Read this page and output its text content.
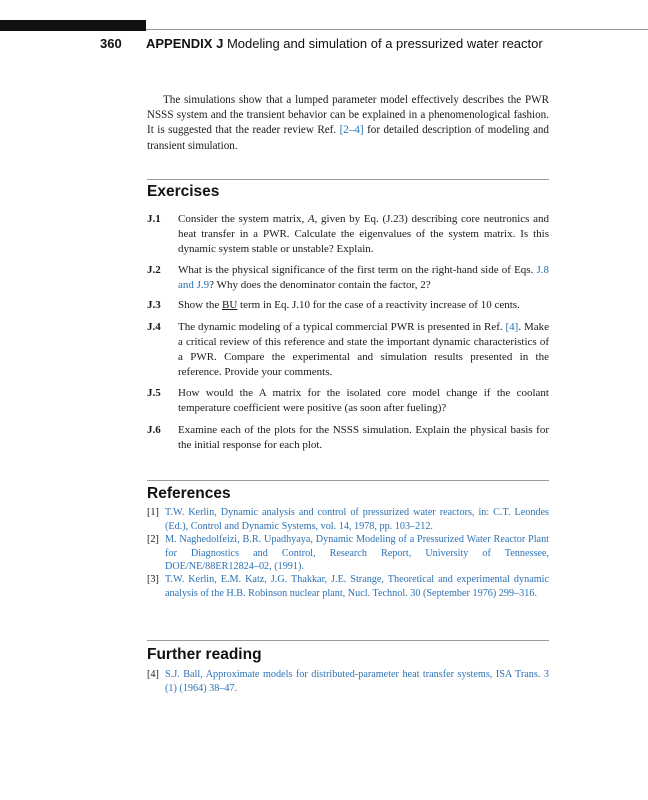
360 APPENDIX J Modeling and simulation of a pressurized water reactor
The simulations show that a lumped parameter model effectively describes the PWR NSSS system and the transient behavior can be explained in a phenomenological fashion. It is suggested that the reader review Ref. [2–4] for detailed description of modeling and transient simulation.
Exercises
J.1 Consider the system matrix, A, given by Eq. (J.23) describing core neutronics and heat transfer in a PWR. Calculate the eigenvalues of the system matrix. Is this dynamic system stable or unstable? Explain.
J.2 What is the physical significance of the first term on the right-hand side of Eqs. J.8 and J.9? Why does the denominator contain the factor, 2?
J.3 Show the BU term in Eq. J.10 for the case of a reactivity increase of 10 cents.
J.4 The dynamic modeling of a typical commercial PWR is presented in Ref. [4]. Make a critical review of this reference and state the important dynamic characteristics of a PWR. Compare the experimental and simulation results presented in the reference. Provide your comments.
J.5 How would the A matrix for the isolated core model change if the coolant temperature coefficient were positive (as soon after fueling)?
J.6 Examine each of the plots for the NSSS simulation. Explain the physical basis for the initial response for each plot.
References
[1] T.W. Kerlin, Dynamic analysis and control of pressurized water reactors, in: C.T. Leondes (Ed.), Control and Dynamic Systems, vol. 14, 1978, pp. 103–212.
[2] M. Naghedolfeizi, B.R. Upadhyaya, Dynamic Modeling of a Pressurized Water Reactor Plant for Diagnostics and Control, Research Report, University of Tennessee, DOE/NE/88ER12824–02, (1991).
[3] T.W. Kerlin, E.M. Katz, J.G. Thakkar, J.E. Strange, Theoretical and experimental dynamic analysis of the H.B. Robinson nuclear plant, Nucl. Technol. 30 (September 1976) 299–316.
Further reading
[4] S.J. Ball, Approximate models for distributed-parameter heat transfer systems, ISA Trans. 3 (1) (1964) 38–47.
